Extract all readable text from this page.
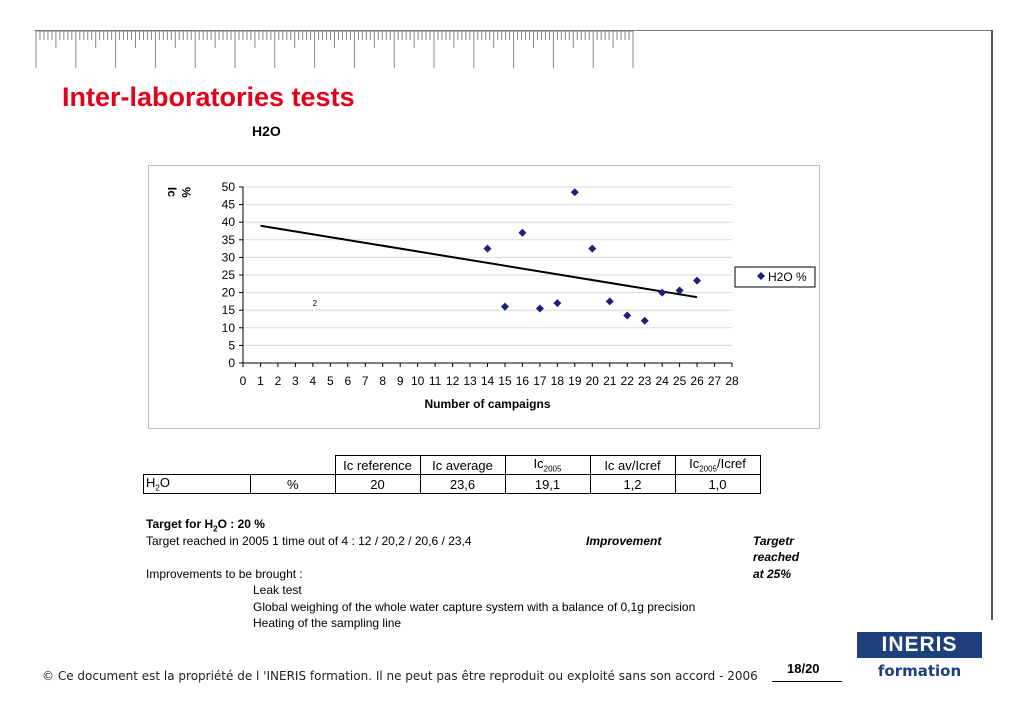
Inter-laboratories tests
H2O
0
5
10
15
20
25
30
35
40
45
50
0 1 2 3 4 5 6 7 8 9 10 11 12 13 14 15 16 17 18 19 20 21 22 23 24 25 26 27 28
Number of campaigns
Ic %
2
H2O %
		Ic reference	Ic average	$Ic_{2005}$	Ic av/Icref	$Ic_{2005}$/Icref
$H_2O$	%	20	23,6	19,1	1,2	1,0
Target for $H_2O$ : 20 %
Target reached in 2005 1 time out of 4 : 12 / 20,2 / 20,6 / 23,4	Improvement	Targetr reached at 25%
Improvements to be brought :
Leak test
Global weighing of the whole water capture system with a balance of 0,1g precision
Heating of the sampling line
© Ce document est la propriété de l 'INERIS formation. Il ne peut pas être reproduit ou exploité sans son accord - 2006 18/20
INERIS
formation
